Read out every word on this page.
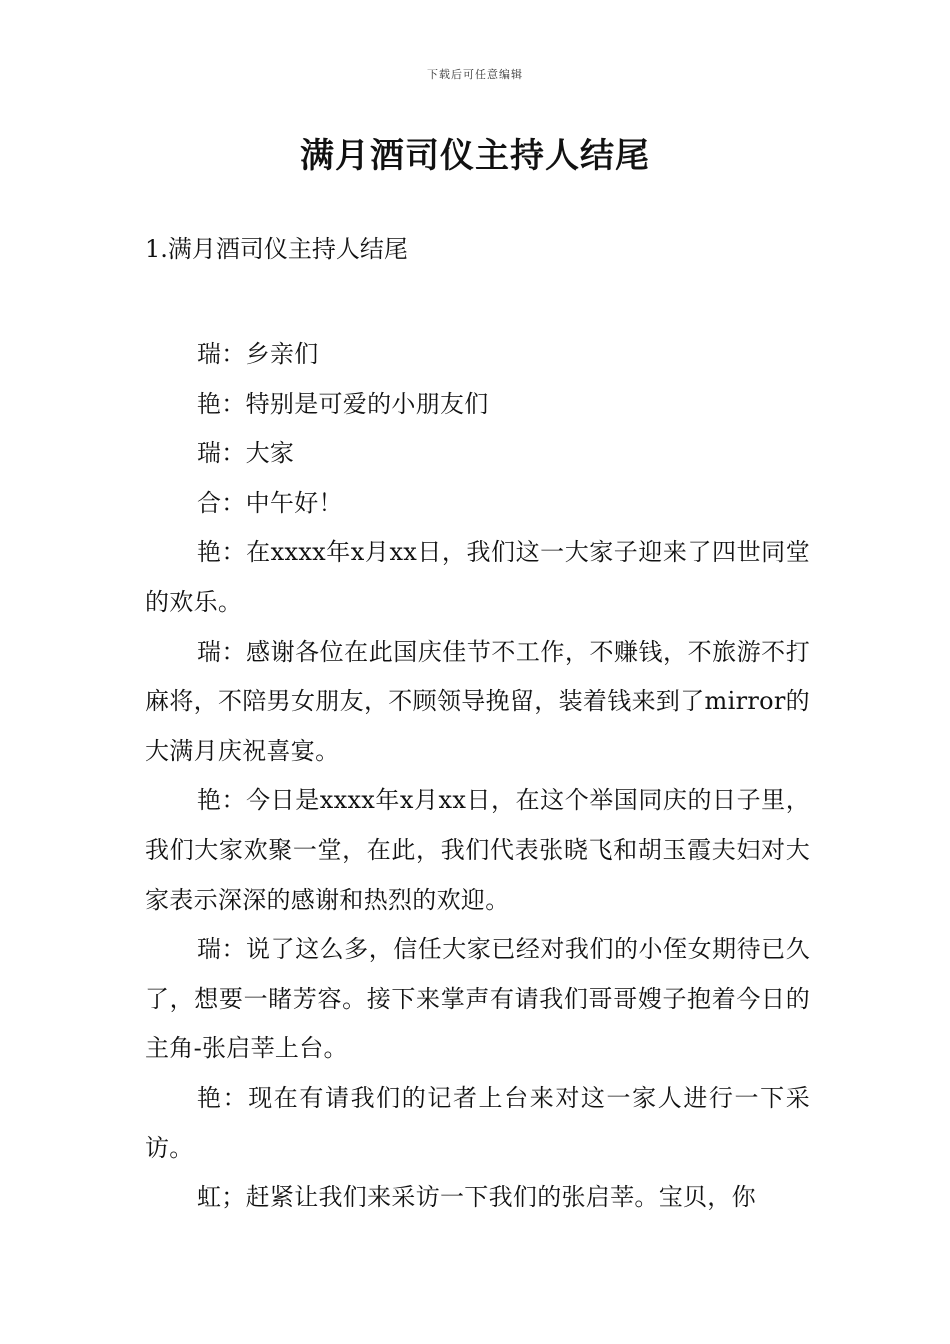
下载后可任意编辑
满月酒司仪主持人结尾
1.满月酒司仪主持人结尾

瑞：乡亲们

艳：特别是可爱的小朋友们

瑞：大家

合：中午好！

艳：在xxxx年x月xx日，我们这一大家子迎来了四世同堂的欢乐。

瑞：感谢各位在此国庆佳节不工作，不赚钱，不旅游不打麻将，不陪男女朋友，不顾领导挽留，装着钱来到了mirror的大满月庆祝喜宴。

艳：今日是xxxx年x月xx日，在这个举国同庆的日子里，我们大家欢聚一堂，在此，我们代表张晓飞和胡玉霞夫妇对大家表示深深的感谢和热烈的欢迎。

瑞：说了这么多，信任大家已经对我们的小侄女期待已久了，想要一睹芳容。接下来掌声有请我们哥哥嫂子抱着今日的主角-张启莘上台。

艳：现在有请我们的记者上台来对这一家人进行一下采访。

虹；赶紧让我们来采访一下我们的张启莘。宝贝，你
